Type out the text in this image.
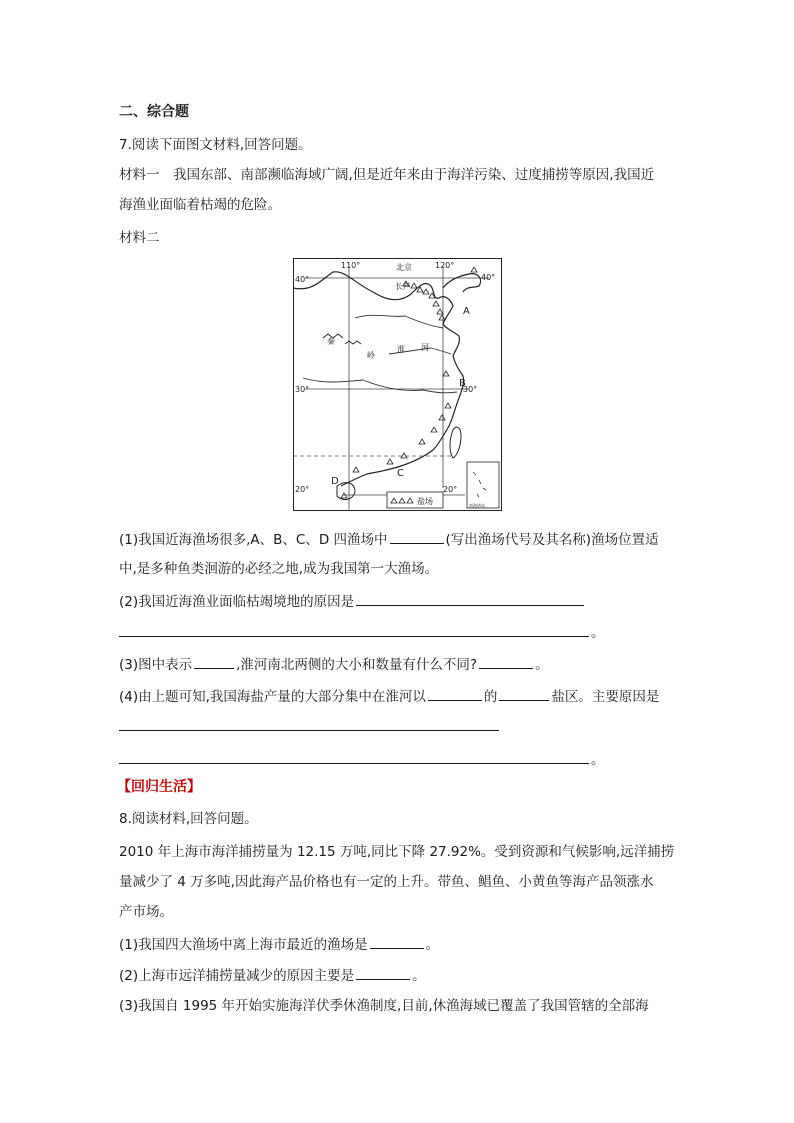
二、综合题
7.阅读下面图文材料,回答问题。
材料一　我国东部、南部濒临海域广阔,但是近年来由于海洋污染、过度捕捞等原因,我国近
海渔业面临着枯竭的危险。
材料二
110°	120°
40°
30°
20°
40°
30°
20°
北京
长芦
秦
岭
淮 河
A
B
C
D
盐场	南海诸岛
(1)我国近海渔场很多,A、B、C、D 四渔场中	(写出渔场代号及其名称)渔场位置适
中,是多种鱼类洄游的必经之地,成为我国第一大渔场。
(2)我国近海渔业面临枯竭境地的原因是
。
(3)图中表示	,淮河南北两侧的大小和数量有什么不同?	。
(4)由上题可知,我国海盐产量的大部分集中在淮河以	的	盐区。主要原因是
。
【回归生活】
8.阅读材料,回答问题。
2010 年上海市海洋捕捞量为 12.15 万吨,同比下降 27.92%。受到资源和气候影响,远洋捕捞
量减少了 4 万多吨,因此海产品价格也有一定的上升。带鱼、鲳鱼、小黄鱼等海产品领涨水
产市场。
(1)我国四大渔场中离上海市最近的渔场是	。
(2)上海市远洋捕捞量减少的原因主要是	。
(3)我国自 1995 年开始实施海洋伏季休渔制度,目前,休渔海域已覆盖了我国管辖的全部海
